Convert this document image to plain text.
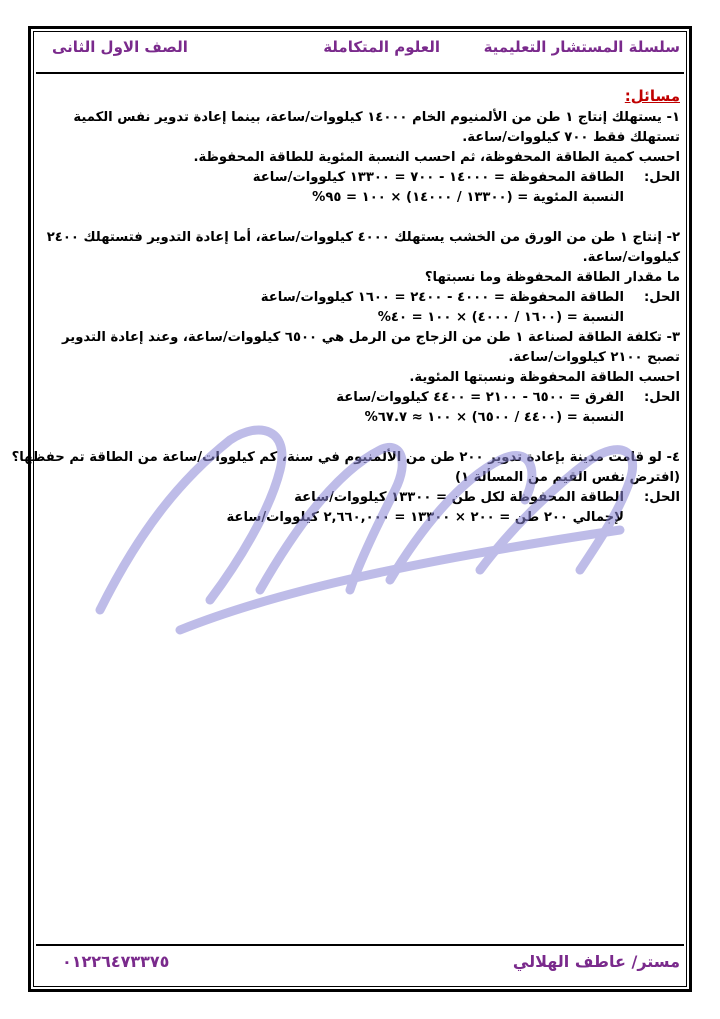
سلسلة المستشار التعليمية
العلوم المتكاملة
الصف الاول الثانى
مسائل:
١- يستهلك إنتاج ١ طن من الألمنيوم الخام ١٤٠٠٠ كيلووات/ساعة، بينما إعادة تدوير نفس الكمية
تستهلك فقط ٧٠٠ كيلووات/ساعة.
احسب كمية الطاقة المحفوظة، ثم احسب النسبة المئوية للطاقة المحفوظة.
الحل:الطاقة المحفوظة = ١٤٠٠٠ - ٧٠٠ = ١٣٣٠٠ كيلووات/ساعة
النسبة المئوية = (١٣٣٠٠ / ١٤٠٠٠) × ١٠٠ = ٩٥%
٢- إنتاج ١ طن من الورق من الخشب يستهلك ٤٠٠٠ كيلووات/ساعة، أما إعادة التدوير فتستهلك ٢٤٠٠
كيلووات/ساعة.
ما مقدار الطاقة المحفوظة وما نسبتها؟
الحل:الطاقة المحفوظة = ٤٠٠٠ - ٢٤٠٠ = ١٦٠٠ كيلووات/ساعة
النسبة = (١٦٠٠ / ٤٠٠٠) × ١٠٠ = ٤٠%
٣- تكلفة الطاقة لصناعة ١ طن من الزجاج من الرمل هي ٦٥٠٠ كيلووات/ساعة، وعند إعادة التدوير
تصبح ٢١٠٠ كيلووات/ساعة.
احسب الطاقة المحفوظة ونسبتها المئوية.
الحل:الفرق = ٦٥٠٠ - ٢١٠٠ = ٤٤٠٠ كيلووات/ساعة
النسبة = (٤٤٠٠ / ٦٥٠٠) × ١٠٠ ≈ ٦٧.٧%
٤- لو قامت مدينة بإعادة تدوير ٢٠٠ طن من الألمنيوم في سنة، كم كيلووات/ساعة من الطاقة تم حفظها؟
(افترض نفس القيم من المسألة ١)
الحل:الطاقة المحفوظة لكل طن = ١٣٣٠٠ كيلووات/ساعة
لإجمالي ٢٠٠ طن = ٢٠٠ × ١٣٣٠٠ = ٢,٦٦٠,٠٠٠ كيلووات/ساعة
مستر/ عاطف الهلالي
٠١٢٢٦٤٧٣٣٧٥
